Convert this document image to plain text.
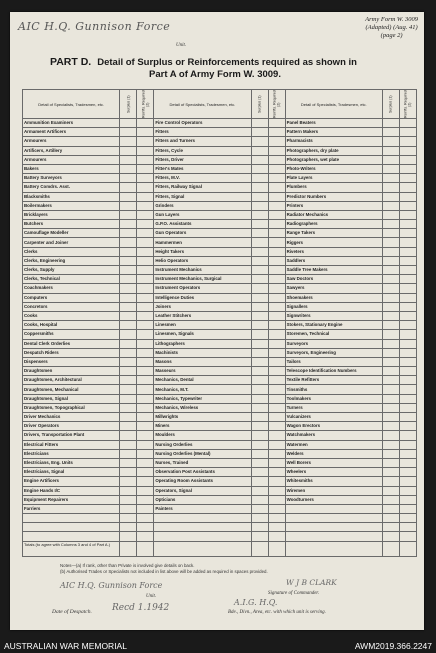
Army Form W. 3009
(Adapted) (Aug. 41)
(page 2)
AIC H.Q. Gunnison Force
Unit.
PART D. Detail of Surplus or Reinforcements required as shown in
Part A of Army Form W. 3009.
Detail of Specialists, Tradesmen, etc.	Surplus (1)	Reinfts. Required (2)	Detail of Specialists, Tradesmen, etc.	Surplus (1)	Reinfts. Required (2)	Detail of Specialists, Tradesmen, etc.	Surplus (1)	Reinfts. Required (2)
Ammunition Examiners			Fire Control Operators			Panel Beaters		
Armament Artificers			Fitters			Pattern Makers		
Armourers			Fitters and Turners			Pharmacists		
Artificers, Artillery			Fitters, Cycle			Photographers, dry plate		
Armourers			Fitters, Driver			Photographers, wet plate		
Bakers			Fitter's Mates			Photo-Writers		
Battery Surveyors			Fitters, M.V.			Plate Layers		
Battery Comdrs. Asst.			Fitters, Railway Signal			Plumbers		
Blacksmiths			Fitters, Signal			Predictor Numbers		
Boilermakers			Grinders			Printers		
Bricklayers			Gun Layers			Radiator Mechanics		
Butchers			G.P.O. Assistants			Radiographers		
Camouflage Modeller			Gun Operators			Range Takers		
Carpenter and Joiner			Hammermen			Riggers		
Clerks			Height Takers			Riveters		
Clerks, Engineering			Helio Operators			Saddlers		
Clerks, Supply			Instrument Mechanics			Saddle Tree Makers		
Clerks, Technical			Instrument Mechanics, Surgical			Saw Doctors		
Coachmakers			Instrument Operators			Sawyers		
Computers			Intelligence Duties			Shoemakers		
Concretors			Joiners			Signallers		
Cooks			Leather Stitchers			Signwriters		
Cooks, Hospital			Linesmen			Stokers, Stationary Engine		
Coppersmiths			Linesmen, Signals			Storemen, Technical		
Dental Clerk Orderlies			Lithographers			Surveyors		
Despatch Riders			Machinists			Surveyors, Engineering		
Dispensers			Masons			Tailors		
Draughtsmen			Masseurs			Telescope Identification Numbers		
Draughtsmen, Architectural			Mechanics, Dental			Textile Refitters		
Draughtsmen, Mechanical			Mechanics, M.T.			Tinsmiths		
Draughtsmen, Signal			Mechanics, Typewriter			Toolmakers		
Draughtsmen, Topographical			Mechanics, Wireless			Turners		
Driver Mechanics			Millwrights			Vulcanizers		
Driver Operators			Miners			Wagon Erectors		
Drivers, Transportation Plant			Moulders			Watchmakers		
Electrical Fitters			Nursing Orderlies			Watermen		
Electricians			Nursing Orderlies (Mental)			Welders		
Electricians, Eng. Units			Nurses, Trained			Well Borers		
Electricians, Signal			Observation Post Assistants			Wheelers		
Engine Artificers			Operating Room Assistants			Whitesmiths		
Engine Hands I/C			Operators, Signal			Wiremen		
Equipment Repairers			Opticians			Woodturners		
Farriers			Painters					

Totals (to agree with Columns 3 and 4 of Part A.)								
Notes—(a) If rank, other than Private is involved give details on back.
(b) Authorised Trades or Specialists not included in list above will be added as required in spaces provided.
AIC H.Q. Gunnison Force	W J B CLARK
Signature of Commander.
Unit.
Recd 1.1942
A.I.G. H.Q.
Date of Despatch.	Bde., Divn., Area, etc. with which unit is serving.
AUSTRALIAN WAR MEMORIAL	AWM2019.366.2247
